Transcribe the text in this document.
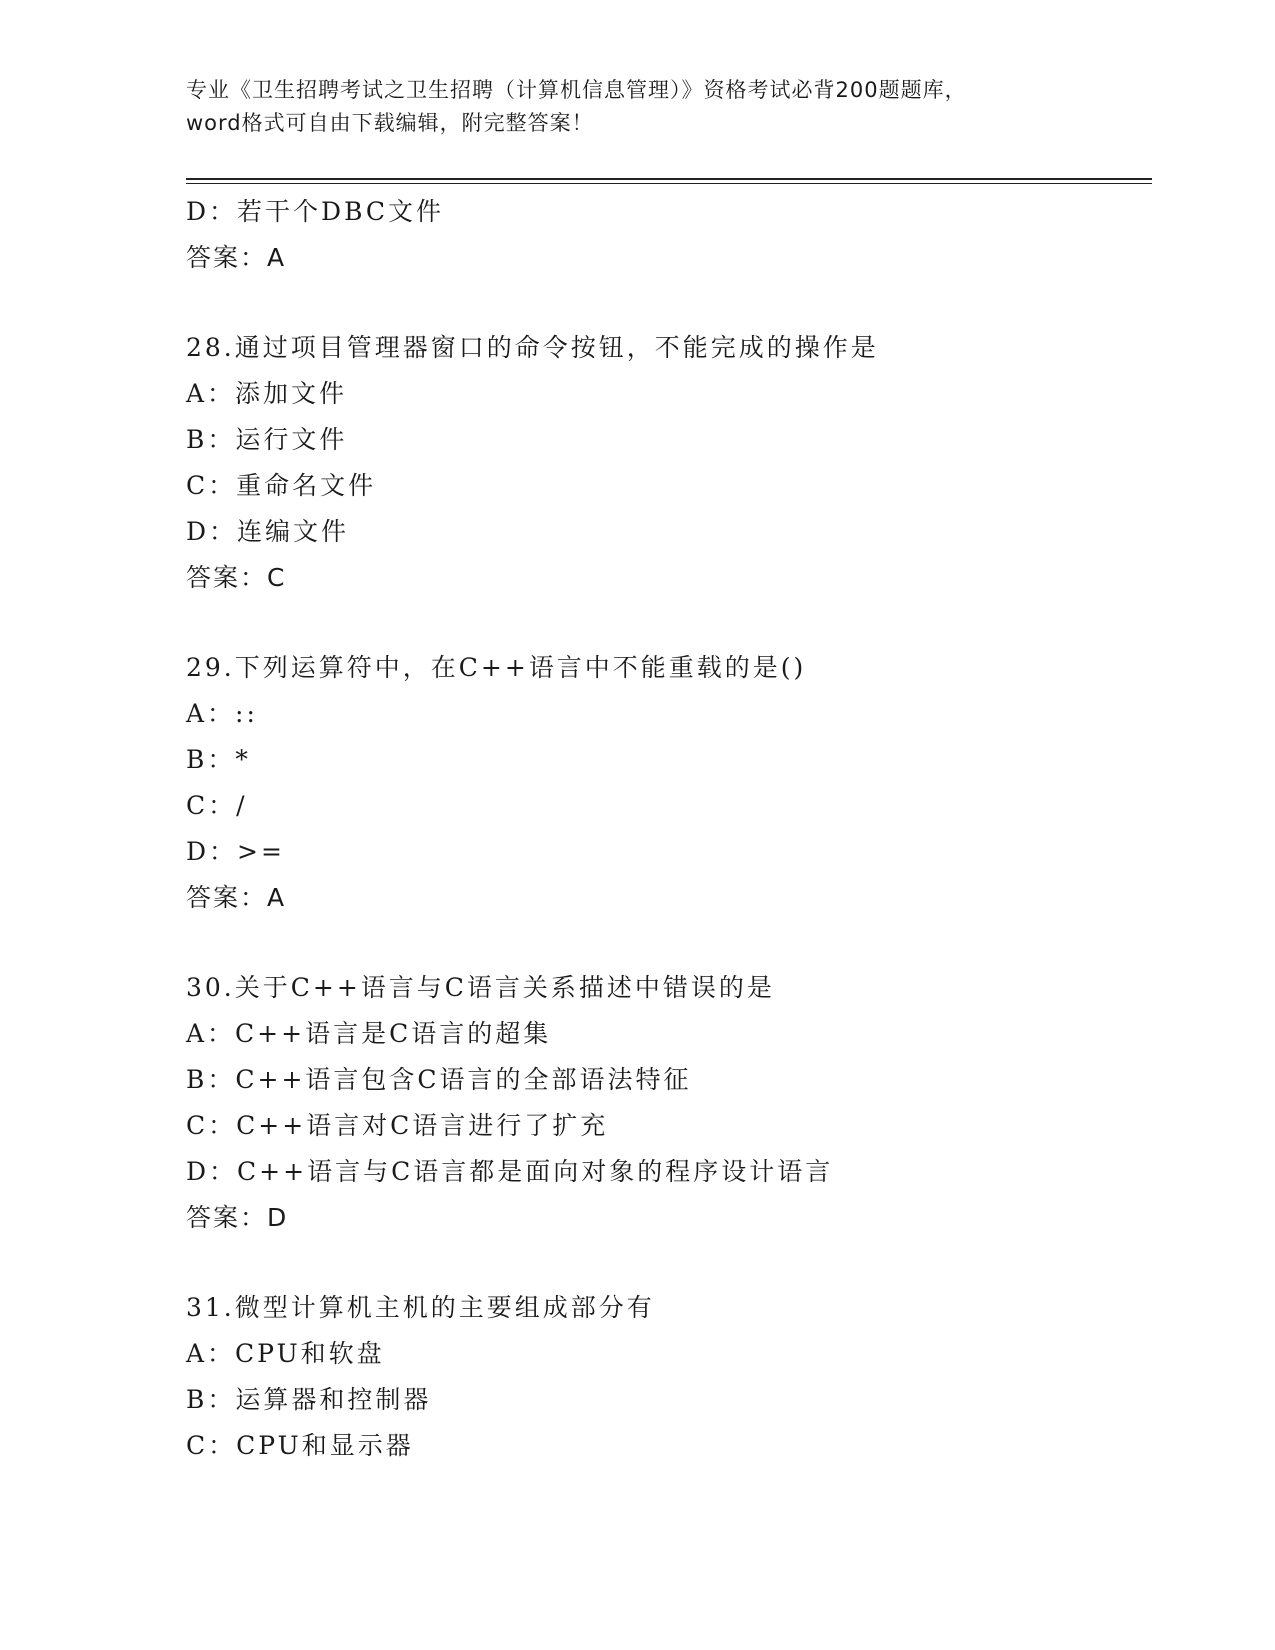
专业《卫生招聘考试之卫生招聘（计算机信息管理）》资格考试必背200题题库，
word格式可自由下载编辑，附完整答案！
D：若干个DBC文件
答案：A
28.通过项目管理器窗口的命令按钮，不能完成的操作是
A：添加文件
B：运行文件
C：重命名文件
D：连编文件
答案：C
29.下列运算符中，在C++语言中不能重载的是()
A：::
B：*
C：/
D：>=
答案：A
30.关于C++语言与C语言关系描述中错误的是
A：C++语言是C语言的超集
B：C++语言包含C语言的全部语法特征
C：C++语言对C语言进行了扩充
D：C++语言与C语言都是面向对象的程序设计语言
答案：D
31.微型计算机主机的主要组成部分有
A：CPU和软盘
B：运算器和控制器
C：CPU和显示器
